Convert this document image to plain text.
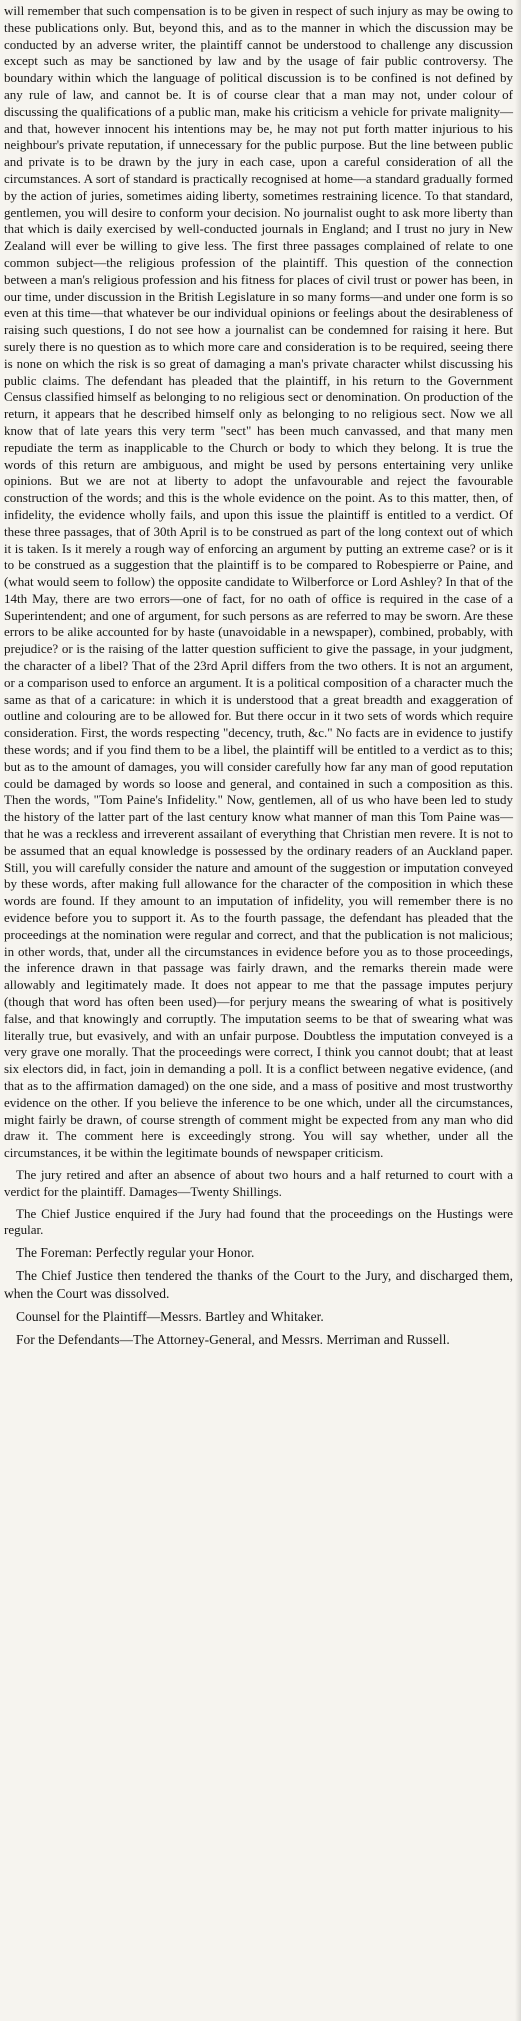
will remember that such compensation is to be given in respect of such injury as may be owing to these publications only. But, beyond this, and as to the manner in which the discussion may be conducted by an adverse writer, the plaintiff cannot be understood to challenge any discussion except such as may be sanctioned by law and by the usage of fair public controversy. The boundary within which the language of political discussion is to be confined is not defined by any rule of law, and cannot be. It is of course clear that a man may not, under colour of discussing the qualifications of a public man, make his criticism a vehicle for private malignity—and that, however innocent his intentions may be, he may not put forth matter injurious to his neighbour's private reputation, if unnecessary for the public purpose. But the line between public and private is to be drawn by the jury in each case, upon a careful consideration of all the circumstances. A sort of standard is practically recognised at home—a standard gradually formed by the action of juries, sometimes aiding liberty, sometimes restraining licence. To that standard, gentlemen, you will desire to conform your decision. No journalist ought to ask more liberty than that which is daily exercised by well-conducted journals in England; and I trust no jury in New Zealand will ever be willing to give less. The first three passages complained of relate to one common subject—the religious profession of the plaintiff. This question of the connection between a man's religious profession and his fitness for places of civil trust or power has been, in our time, under discussion in the British Legislature in so many forms—and under one form is so even at this time—that whatever be our individual opinions or feelings about the desirableness of raising such questions, I do not see how a journalist can be condemned for raising it here. But surely there is no question as to which more care and consideration is to be required, seeing there is none on which the risk is so great of damaging a man's private character whilst discussing his public claims. The defendant has pleaded that the plaintiff, in his return to the Government Census classified himself as belonging to no religious sect or denomination. On production of the return, it appears that he described himself only as belonging to no religious sect. Now we all know that of late years this very term "sect" has been much canvassed, and that many men repudiate the term as inapplicable to the Church or body to which they belong. It is true the words of this return are ambiguous, and might be used by persons entertaining very unlike opinions. But we are not at liberty to adopt the unfavourable and reject the favourable construction of the words; and this is the whole evidence on the point. As to this matter, then, of infidelity, the evidence wholly fails, and upon this issue the plaintiff is entitled to a verdict. Of these three passages, that of 30th April is to be construed as part of the long context out of which it is taken. Is it merely a rough way of enforcing an argument by putting an extreme case? or is it to be construed as a suggestion that the plaintiff is to be compared to Robespierre or Paine, and (what would seem to follow) the opposite candidate to Wilberforce or Lord Ashley? In that of the 14th May, there are two errors—one of fact, for no oath of office is required in the case of a Superintendent; and one of argument, for such persons as are referred to may be sworn. Are these errors to be alike accounted for by haste (unavoidable in a newspaper), combined, probably, with prejudice? or is the raising of the latter question sufficient to give the passage, in your judgment, the character of a libel? That of the 23rd April differs from the two others. It is not an argument, or a comparison used to enforce an argument. It is a political composition of a character much the same as that of a caricature: in which it is understood that a great breadth and exaggeration of outline and colouring are to be allowed for. But there occur in it two sets of words which require consideration. First, the words respecting "decency, truth, &c." No facts are in evidence to justify these words; and if you find them to be a libel, the plaintiff will be entitled to a verdict as to this; but as to the amount of damages, you will consider carefully how far any man of good reputation could be damaged by words so loose and general, and contained in such a composition as this. Then the words, "Tom Paine's Infidelity." Now, gentlemen, all of us who have been led to study the history of the latter part of the last century know what manner of man this Tom Paine was—that he was a reckless and irreverent assailant of everything that Christian men revere. It is not to be assumed that an equal knowledge is possessed by the ordinary readers of an Auckland paper. Still, you will carefully consider the nature and amount of the suggestion or imputation conveyed by these words, after making full allowance for the character of the composition in which these words are found. If they amount to an imputation of infidelity, you will remember there is no evidence before you to support it. As to the fourth passage, the defendant has pleaded that the proceedings at the nomination were regular and correct, and that the publication is not malicious; in other words, that, under all the circumstances in evidence before you as to those proceedings, the inference drawn in that passage was fairly drawn, and the remarks therein made were allowably and legitimately made. It does not appear to me that the passage imputes perjury (though that word has often been used)—for perjury means the swearing of what is positively false, and that knowingly and corruptly. The imputation seems to be that of swearing what was literally true, but evasively, and with an unfair purpose. Doubtless the imputation conveyed is a very grave one morally. That the proceedings were correct, I think you cannot doubt; that at least six electors did, in fact, join in demanding a poll. It is a conflict between negative evidence, (and that as to the affirmation damaged) on the one side, and a mass of positive and most trustworthy evidence on the other. If you believe the inference to be one which, under all the circumstances, might fairly be drawn, of course strength of comment might be expected from any man who did draw it. The comment here is exceedingly strong. You will say whether, under all the circumstances, it be within the legitimate bounds of newspaper criticism.

The jury retired and after an absence of about two hours and a half returned to court with a verdict for the plaintiff. Damages—Twenty Shillings.

The Chief Justice enquired if the Jury had found that the proceedings on the Hustings were regular.

The Foreman: Perfectly regular your Honor.

The Chief Justice then tendered the thanks of the Court to the Jury, and discharged them, when the Court was dissolved.

Counsel for the Plaintiff—Messrs. Bartley and Whitaker.

For the Defendants—The Attorney-General, and Messrs. Merriman and Russell.
